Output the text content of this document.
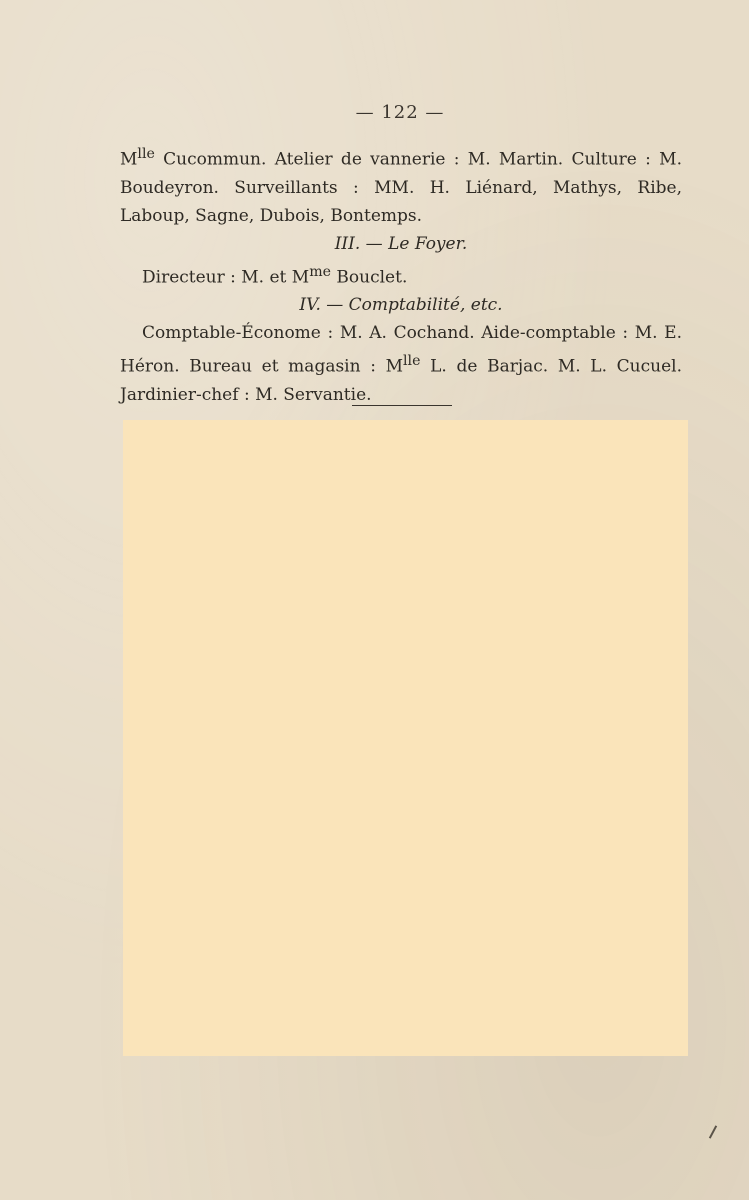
— 122 —

$M^{lle}$ Cucommun. Atelier de vannerie : M. Martin. Culture : M. Boudeyron. Surveillants : MM. H. Liénard, Mathys, Ribe, Laboup, Sagne, Dubois, Bontemps.

III. — Le Foyer.

Directeur : M. et $M^{me}$ Bouclet.

IV. — Comptabilité, etc.

Comptable-Économe : M. A. Cochand. Aide-comptable : M. E. Héron. Bureau et magasin : $M^{lle}$ L. de Barjac. M. L. Cucuel. Jardinier-chef : M. Servantie.
